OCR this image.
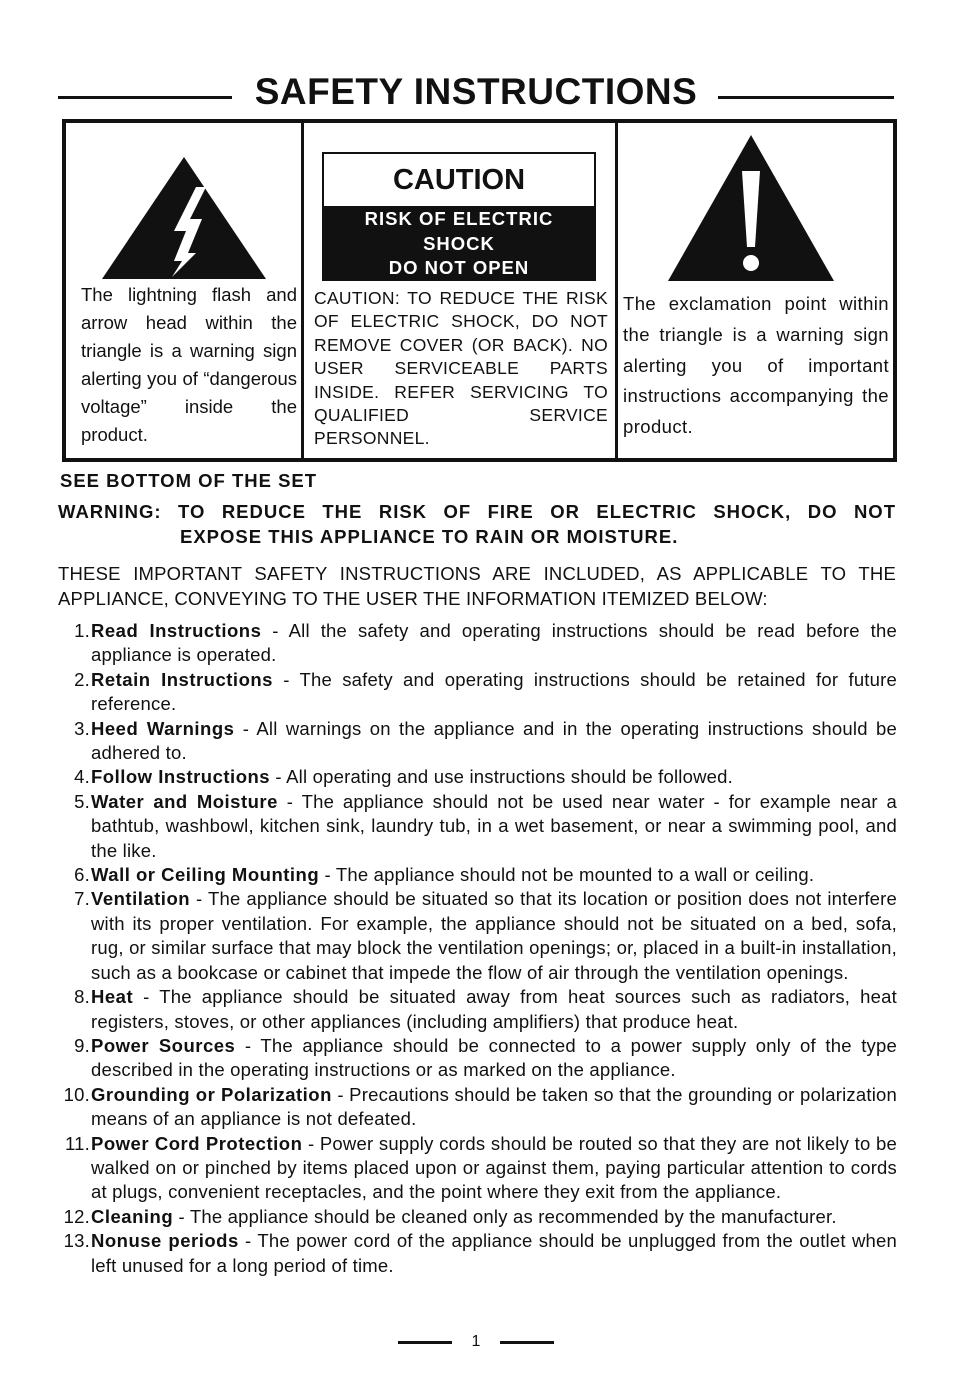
SAFETY INSTRUCTIONS
The lightning flash and arrow head within the triangle is a warning sign alerting you of “dangerous voltage” inside the product.
CAUTION
RISK OF ELECTRIC
SHOCK
DO NOT OPEN
CAUTION: TO REDUCE THE RISK OF ELECTRIC SHOCK, DO NOT REMOVE COVER (OR BACK). NO USER SERVICEABLE PARTS INSIDE. REFER SERVICING TO QUALIFIED SERVICE PERSONNEL.
The exclamation point within the triangle is a warning sign alerting you of important instructions accompanying the product.
SEE BOTTOM OF THE SET
WARNING: TO REDUCE THE RISK OF FIRE OR ELECTRIC SHOCK, DO NOT
EXPOSE THIS APPLIANCE TO RAIN OR MOISTURE.
THESE IMPORTANT SAFETY INSTRUCTIONS ARE INCLUDED, AS APPLICABLE TO THE
APPLIANCE, CONVEYING TO THE USER THE INFORMATION ITEMIZED BELOW:
1. Read Instructions - All the safety and operating instructions should be read before the appliance is operated.
2. Retain Instructions - The safety and operating instructions should be retained for future reference.
3. Heed Warnings - All warnings on the appliance and in the operating instructions should be adhered to.
4. Follow Instructions - All operating and use instructions should be followed.
5. Water and Moisture - The appliance should not be used near water - for example near a bathtub, washbowl, kitchen sink, laundry tub, in a wet basement, or near a swimming pool, and the like.
6. Wall or Ceiling Mounting - The appliance should not be mounted to a wall or ceiling.
7. Ventilation - The appliance should be situated so that its location or position does not interfere with its proper ventilation. For example, the appliance should not be situated on a bed, sofa, rug, or similar surface that may block the ventilation openings; or, placed in a built-in installation, such as a bookcase or cabinet that impede the flow of air through the ventilation openings.
8. Heat - The appliance should be situated away from heat sources such as radiators, heat registers, stoves, or other appliances (including amplifiers) that produce heat.
9. Power Sources - The appliance should be connected to a power supply only of the type described in the operating instructions or as marked on the appliance.
10. Grounding or Polarization - Precautions should be taken so that the grounding or polarization means of an appliance is not defeated.
11. Power Cord Protection - Power supply cords should be routed so that they are not likely to be walked on or pinched by items placed upon or against them, paying particular attention to cords at plugs, convenient receptacles, and the point where they exit from the appliance.
12. Cleaning - The appliance should be cleaned only as recommended by the manufacturer.
13. Nonuse periods - The power cord of the appliance should be unplugged from the outlet when left unused for a long period of time.
1
